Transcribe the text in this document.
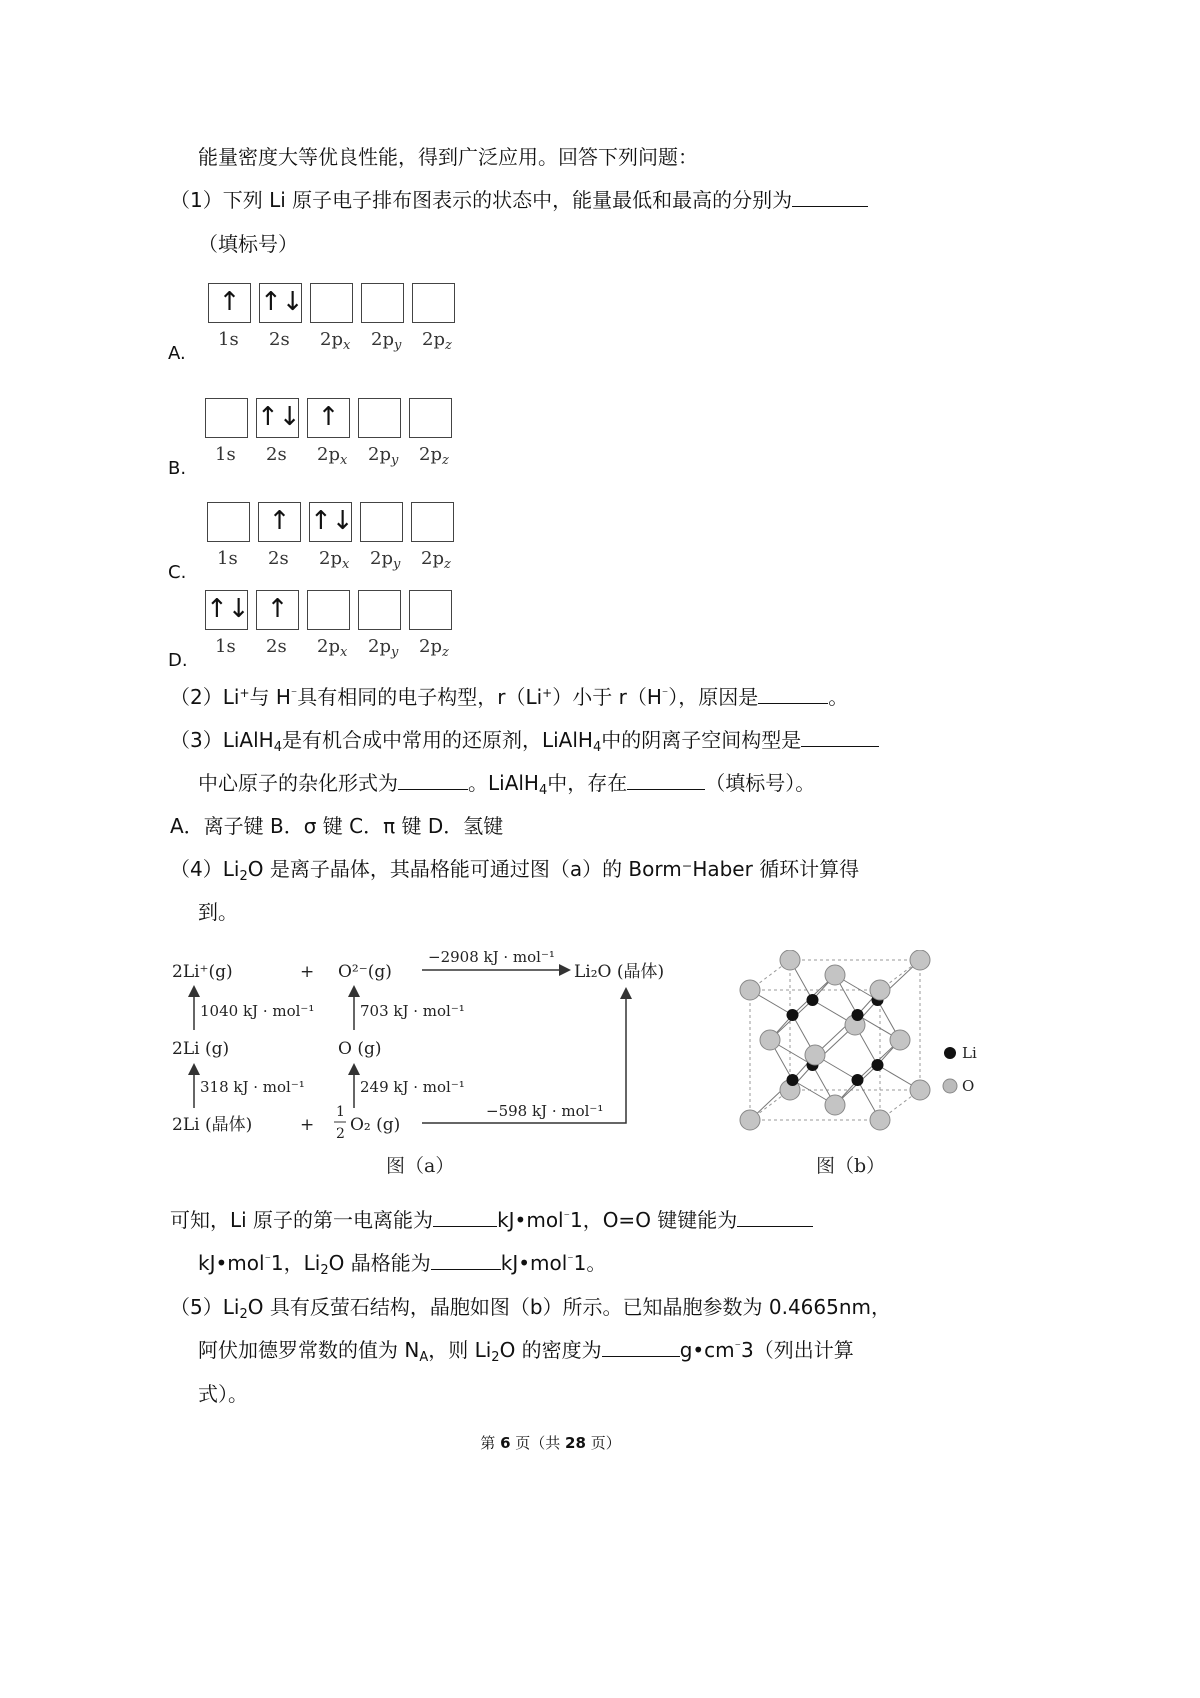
能量密度大等优良性能，得到广泛应用。回答下列问题：
（1）下列 Li 原子电子排布图表示的状态中，能量最低和最高的分别为
（填标号）
A.
↑
1s
↑↓
2s $2p_x$ $2p_y$ $2p_z$
B.
1s
↑↓
2s
↑
$2p_x$ $2p_y$ $2p_z$
C.
1s
↑
2s
↑↓
$2p_x$ $2p_y$ $2p_z$
D.
↑↓
1s
↑
2s $2p_x$ $2p_y$ $2p_z$
（2）Li+与 H⁻具有相同的电子构型，r（Li+）小于 r（H⁻），原因是	。
（3）LiAlH$_4$是有机合成中常用的还原剂，LiAlH$_4$中的阴离子空间构型是
中心原子的杂化形式为	。LiAlH$_4$中，存在	（填标号）。
A．离子键 B．σ 键 C．π 键 D．氢键
$(4)Li_2O$ 是离子晶体，其晶格能可通过图（a）的 Borm⁻Haber 循环计算得
到。
2Li⁺(g)	+ O²⁻(g)
−2908 kJ · mol⁻¹
Li₂O (晶体)
1040 kJ · mol⁻¹	703 kJ · mol⁻¹
2Li (g)	O (g)
318 kJ · mol⁻¹	249 kJ · mol⁻¹
2Li (晶体)	+
1
2 O₂ (g)
−598 kJ · mol⁻¹
图（a）
Li
O
图（b）
可知，Li 原子的第一电离能为	kJ•mol⁻1，O=O 键键能为
kJ•mol⁻1，$Li_2O$ 晶格能为	kJ•mol⁻1。
$(5)Li_2O$ 具有反萤石结构，晶胞如图（b）所示。已知晶胞参数为 0.4665nm，
阿伏加德罗常数的值为 $N_A$，则 $Li_2O$ 的密度为	g•cm⁻3（列出计算
式）。
第 6 页（共 28 页）
